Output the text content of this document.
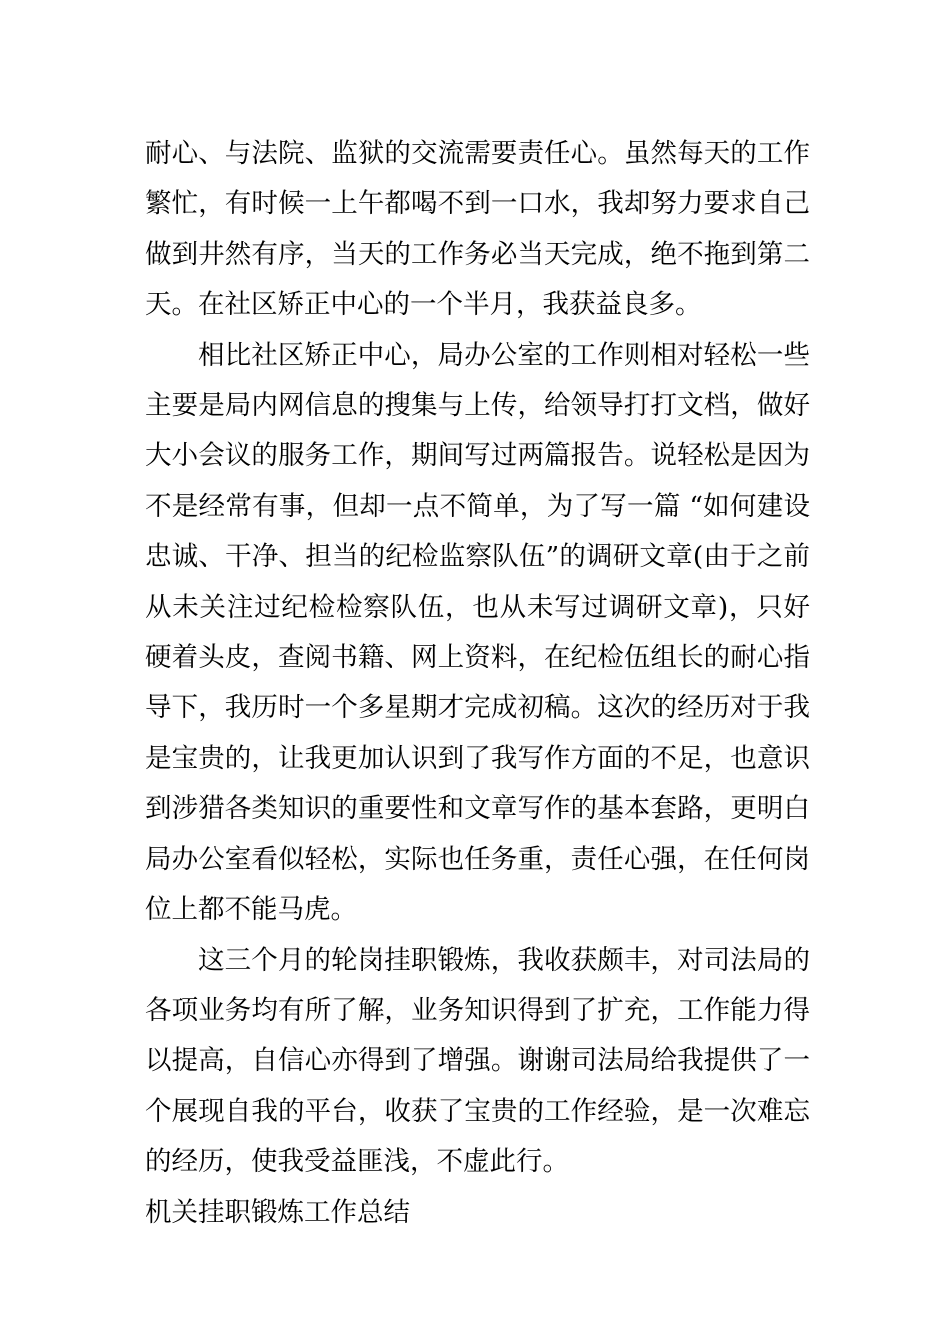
耐心、与法院、监狱的交流需要责任心。虽然每天的工作繁忙，有时候一上午都喝不到一口水，我却努力要求自己做到井然有序，当天的工作务必当天完成，绝不拖到第二天。在社区矫正中心的一个半月，我获益良多。

相比社区矫正中心，局办公室的工作则相对轻松一些主要是局内网信息的搜集与上传，给领导打打文档，做好大小会议的服务工作，期间写过两篇报告。说轻松是因为不是经常有事，但却一点不简单，为了写一篇 “如何建设忠诚、干净、担当的纪检监察队伍”的调研文章(由于之前从未关注过纪检检察队伍，也从未写过调研文章)，只好硬着头皮，查阅书籍、网上资料，在纪检伍组长的耐心指导下，我历时一个多星期才完成初稿。这次的经历对于我是宝贵的，让我更加认识到了我写作方面的不足，也意识到涉猎各类知识的重要性和文章写作的基本套路，更明白局办公室看似轻松，实际也任务重，责任心强，在任何岗位上都不能马虎。

这三个月的轮岗挂职锻炼，我收获颇丰，对司法局的各项业务均有所了解，业务知识得到了扩充，工作能力得以提高，自信心亦得到了增强。谢谢司法局给我提供了一个展现自我的平台，收获了宝贵的工作经验，是一次难忘的经历，使我受益匪浅，不虚此行。

机关挂职锻炼工作总结
